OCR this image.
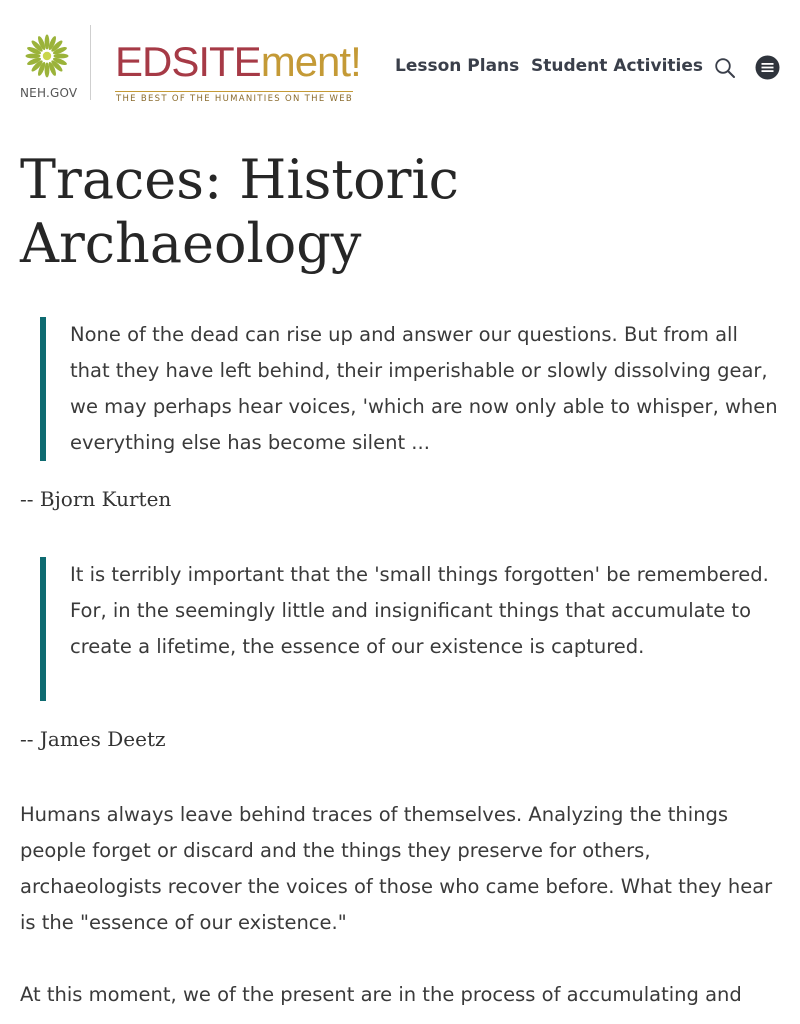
NEH.GOV
EDSITEment!
THE BEST OF THE HUMANITIES ON THE WEB
Lesson Plans Student Activities
Traces: Historic Archaeology
None of the dead can rise up and answer our questions. But from all that they have left behind, their imperishable or slowly dissolving gear, we may perhaps hear voices, 'which are now only able to whisper, when everything else has become silent ...
-- Bjorn Kurten
It is terribly important that the 'small things forgotten' be remembered. For, in the seemingly little and insignificant things that accumulate to create a lifetime, the essence of our existence is captured.
-- James Deetz

Humans always leave behind traces of themselves. Analyzing the things people forget or discard and the things they preserve for others, archaeologists recover the voices of those who came before. What they hear is the "essence of our existence."

At this moment, we of the present are in the process of accumulating and
